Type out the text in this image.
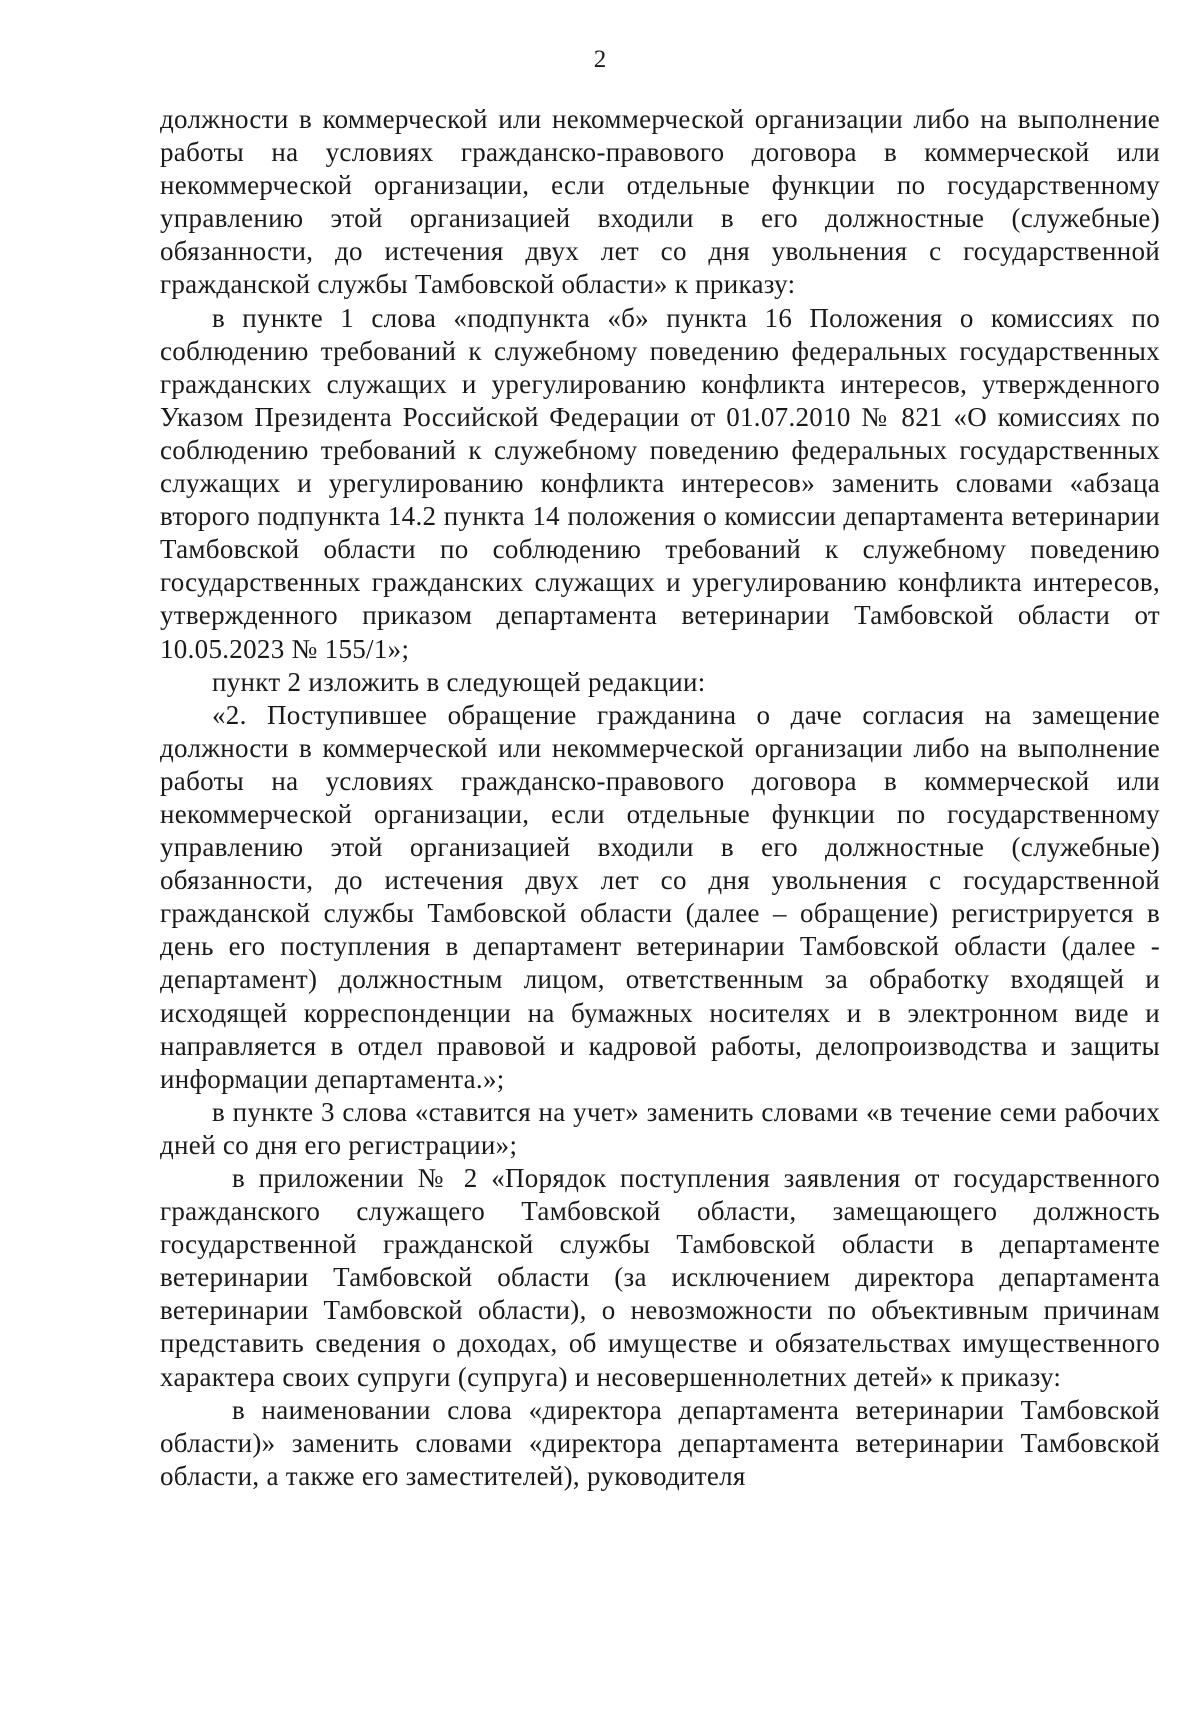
2

должности в коммерческой или некоммерческой организации либо на выполнение работы на условиях гражданско-правового договора в коммерческой или некоммерческой организации, если отдельные функции по государственному управлению этой организацией входили в его должностные (служебные) обязанности, до истечения двух лет со дня увольнения с государственной гражданской службы Тамбовской области» к приказу:

в пункте 1 слова «подпункта «б» пункта 16 Положения о комиссиях по соблюдению требований к служебному поведению федеральных государственных гражданских служащих и урегулированию конфликта интересов, утвержденного Указом Президента Российской Федерации от 01.07.2010 № 821 «О комиссиях по соблюдению требований к служебному поведению федеральных государственных служащих и урегулированию конфликта интересов» заменить словами «абзаца второго подпункта 14.2 пункта 14 положения о комиссии департамента ветеринарии Тамбовской области по соблюдению требований к служебному поведению государственных гражданских служащих и урегулированию конфликта интересов, утвержденного приказом департамента ветеринарии Тамбовской области от 10.05.2023 № 155/1»;

пункт 2 изложить в следующей редакции:

«2. Поступившее обращение гражданина о даче согласия на замещение должности в коммерческой или некоммерческой организации либо на выполнение работы на условиях гражданско-правового договора в коммерческой или некоммерческой организации, если отдельные функции по государственному управлению этой организацией входили в его должностные (служебные) обязанности, до истечения двух лет со дня увольнения с государственной гражданской службы Тамбовской области (далее – обращение) регистрируется в день его поступления в департамент ветеринарии Тамбовской области (далее - департамент) должностным лицом, ответственным за обработку входящей и исходящей корреспонденции на бумажных носителях и в электронном виде и направляется в отдел правовой и кадровой работы, делопроизводства и защиты информации департамента.»;

в пункте 3 слова «ставится на учет» заменить словами «в течение семи рабочих дней со дня его регистрации»;

в приложении № 2 «Порядок поступления заявления от государственного гражданского служащего Тамбовской области, замещающего должность государственной гражданской службы Тамбовской области в департаменте ветеринарии Тамбовской области (за исключением директора департамента ветеринарии Тамбовской области), о невозможности по объективным причинам представить сведения о доходах, об имуществе и обязательствах имущественного характера своих супруги (супруга) и несовершеннолетних детей» к приказу:

в наименовании слова «директора департамента ветеринарии Тамбовской области)» заменить словами «директора департамента ветеринарии Тамбовской области, а также его заместителей), руководителя
